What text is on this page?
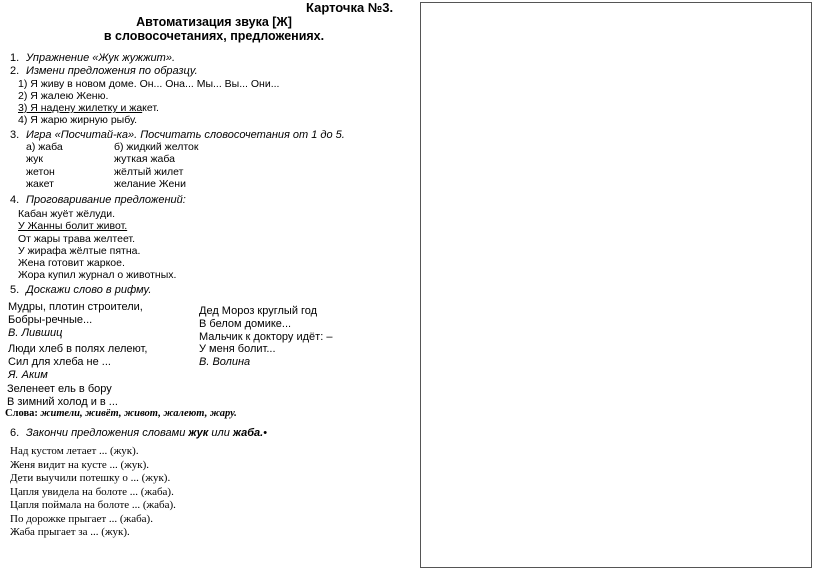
Карточка №3.
Автоматизация звука [Ж]
в словосочетаниях, предложениях.
1. Упражнение «Жук жужжит».
2. Измени предложения по образцу.
1) Я живу в новом доме. Он... Она... Мы... Вы... Они...
2) Я жалею Женю.
3) Я надену жилетку и жакет.
4) Я жарю жирную рыбу.
3. Игра «Посчитай-ка». Посчитать словосочетания от 1 до 5.
а) жаба	б) жидкий желток
жук	жуткая жаба
жетон	жёлтый жилет
жакет	желание Жени
4. Проговаривание предложений:
Кабан жуёт жёлуди.
У Жанны болит живот.
От жары трава желтеет.
У жирафа жёлтые пятна.
Жена готовит жаркое.
Жора купил журнал о животных.
5. Доскажи слово в рифму.
Мудры, плотин строители,
Бобры-речные...
В. Лившиц
Люди хлеб в полях лелеют,
Сил для хлеба не ...
Я. Аким
Зеленеет ель в бору
В зимний холод и в ...
Дед Мороз круглый год
В белом домике...
Мальчик к доктору идёт: –
У меня болит...
В. Волина
Слова: жители, живёт, живот, жалеют, жару.
6. Закончи предложения словами жук или жаба.•
Над кустом летает ... (жук).
Женя видит на кусте ... (жук).
Дети выучили потешку о ... (жук).
Цапля увидела на болоте ... (жаба).
Цапля поймала на болоте ... (жаба).
По дорожке прыгает ... (жаба).
Жаба прыгает за ... (жук).
